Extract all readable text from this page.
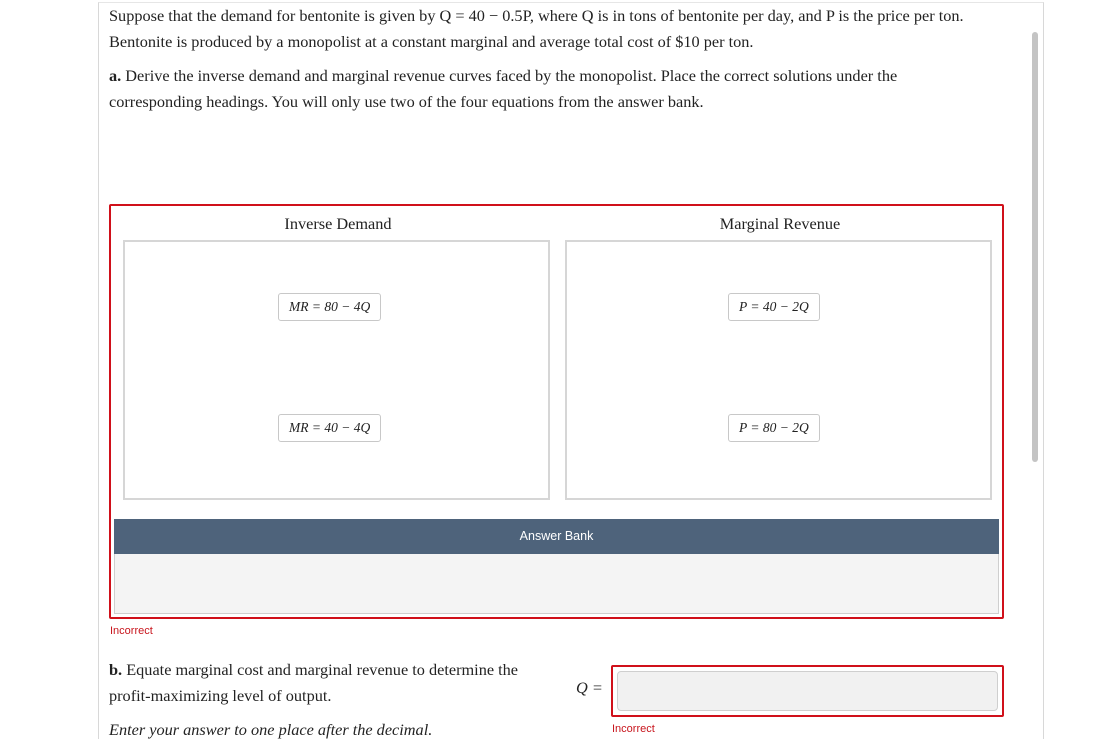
Suppose that the demand for bentonite is given by Q = 40 − 0.5P, where Q is in tons of bentonite per day, and P is the price per ton. Bentonite is produced by a monopolist at a constant marginal and average total cost of $10 per ton.

a. Derive the inverse demand and marginal revenue curves faced by the monopolist. Place the correct solutions under the corresponding headings. You will only use two of the four equations from the answer bank.

Inverse Demand	Marginal Revenue
MR = 80 − 4Q
MR = 40 − 4Q
P = 40 − 2Q
P = 80 − 2Q
Answer Bank
Incorrect

b. Equate marginal cost and marginal revenue to determine the profit-maximizing level of output.

Enter your answer to one place after the decimal.

Q =
Incorrect
